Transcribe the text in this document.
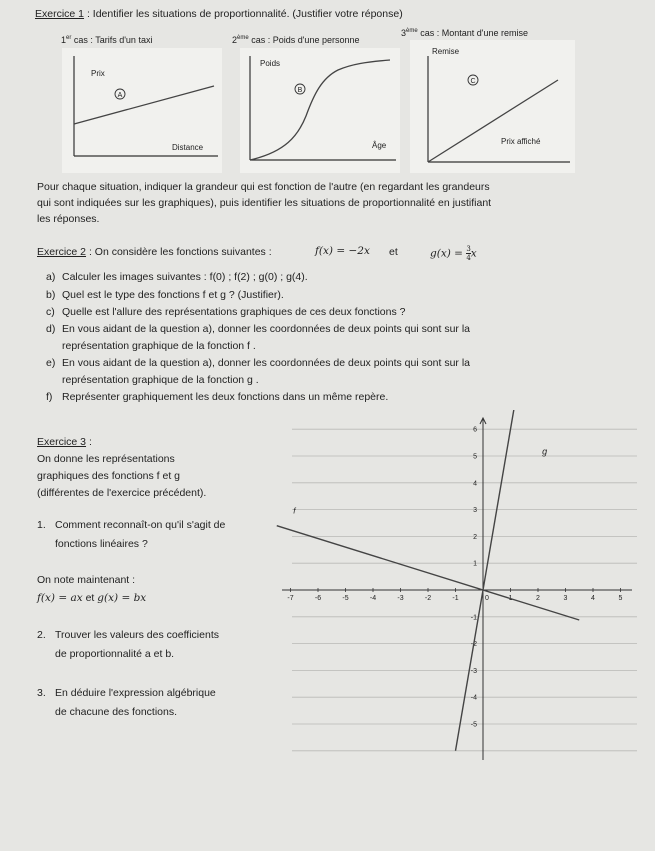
Exercice 1 : Identifier les situations de proportionnalité. (Justifier votre réponse)
1er cas : Tarifs d'un taxi	2ème cas : Poids d'une personne
3ème cas : Montant d'une remise
A
Prix
Distance
B
Poids
Âge
C
Remise
Prix affiché
Pour chaque situation, indiquer la grandeur qui est fonction de l'autre (en regardant les grandeurs
qui sont indiquées sur les graphiques), puis identifier les situations de proportionnalité en justifiant
les réponses.
Exercice 2 : On considère les fonctions suivantes :	f(x) = −2x et	$g(x) = \frac{3}{4}$ x
a) Calculer les images suivantes : f(0) ; f(2) ; g(0) ; g(4).
b) Quel est le type des fonctions f et g ? (Justifier).
c) Quelle est l'allure des représentations graphiques de ces deux fonctions ?
d) En vous aidant de la question a), donner les coordonnées de deux points qui sont sur la
représentation graphique de la fonction f .
e) En vous aidant de la question a), donner les coordonnées de deux points qui sont sur la
représentation graphique de la fonction g .
f) Représenter graphiquement les deux fonctions dans un même repère.
Exercice 3 :
On donne les représentations
graphiques des fonctions f et g
(différentes de l'exercice précédent).
1. Comment reconnaît-on qu'il s'agit de
fonctions linéaires ?
On note maintenant :
f(x) = ax et g(x) = bx
2. Trouver les valeurs des coefficients
de proportionnalité a et b.
3. En déduire l'expression algébrique
de chacune des fonctions.
-7	-6	-5	-4	-3	-2	-1	0	1	2	3	4	5
6
5
4
3
2
1
-1
-2
-3
-4
-5
f
g
